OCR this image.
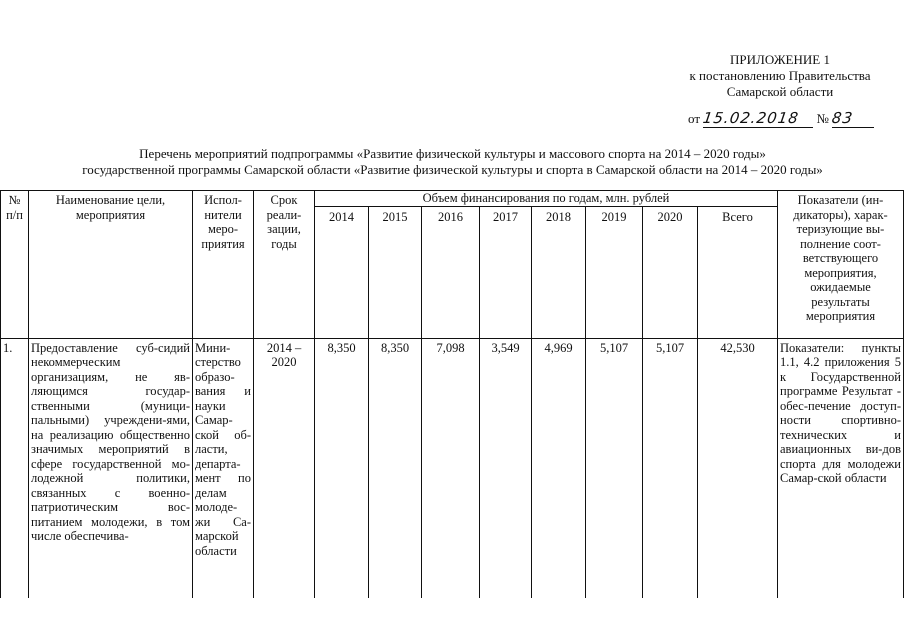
ПРИЛОЖЕНИЕ 1
к постановлению Правительства
Самарской области
от 15.02.2018 № 83
Перечень мероприятий подпрограммы «Развитие физической культуры и массового спорта на 2014 – 2020 годы»
государственной программы Самарской области «Развитие физической культуры и спорта в Самарской области на 2014 – 2020 годы»
№ п/п	Наименование цели, мероприятия	Испол-нители меро-приятия	Срок реали-зации, годы	Объем финансирования по годам, млн. рублей								Показатели (ин-дикаторы), харак-теризующие вы-полнение соот-ветствующего мероприятия, ожидаемые результаты мероприятия
				2014	2015	2016	2017	2018	2019	2020	Всего	
1.	Предоставление суб-сидий некоммерческим организациям, не яв-ляющимся государ-ственными (муници-пальными) учреждени-ями, на реализацию общественно значимых мероприятий в сфере государственной мо-лодежной политики, связанных с военно-патриотическим вос-питанием молодежи, в том числе обеспечива-	Мини-стерство образо-вания и науки Самар-ской об-ласти, департа-мент по делам молоде-жи Са-марской области	2014 – 2020	8,350	8,350	7,098	3,549	4,969	5,107	5,107	42,530	Показатели: пункты 1.1, 4.2 приложения 5 к Государственной программе Результат - обес-печение доступ-ности спортивно-технических и авиационных ви-дов спорта для молодежи Самар-ской области
